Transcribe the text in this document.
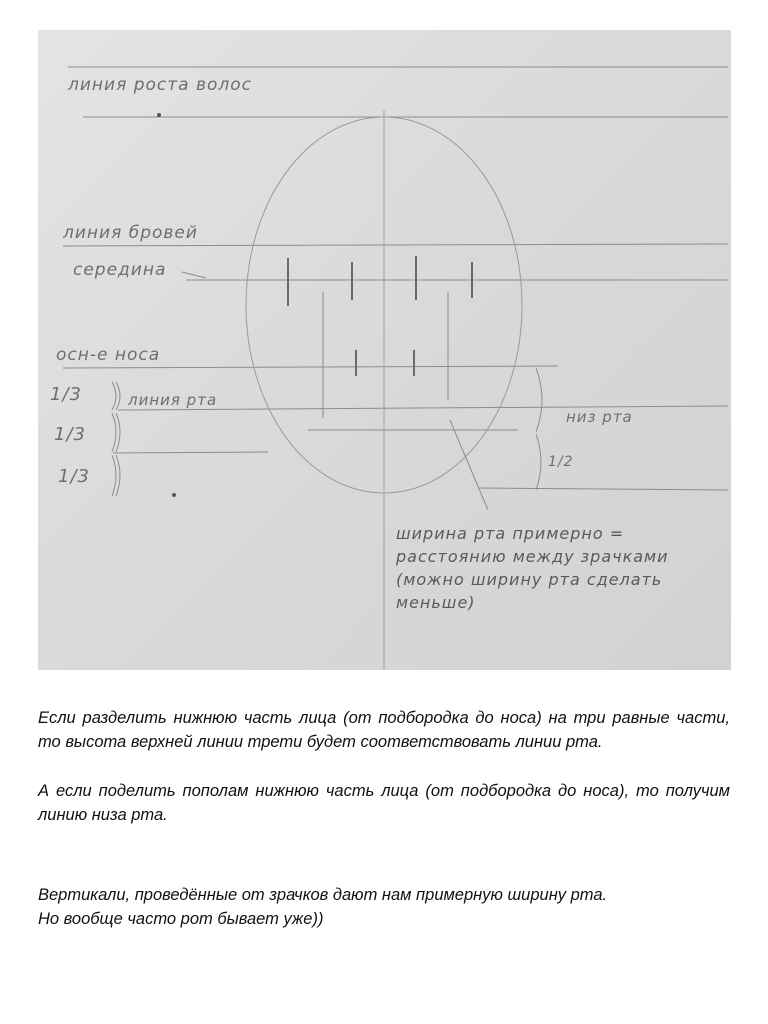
линия роста волос
линия бровей
середина
осн-е носа
1/3
1/3
1/3
линия рта
низ рта
1/2
ширина рта примерно = расстоянию между зрачками (можно ширину рта сделать меньше)

Если разделить нижнюю часть лица (от подбородка до носа) на три равные части, то высота верхней линии трети будет соответствовать линии рта.

А если поделить пополам нижнюю часть лица (от подбородка до носа), то получим линию низа рта.

Вертикали, проведённые от зрачков дают нам примерную ширину рта.

Но вообще часто рот бывает уже))
